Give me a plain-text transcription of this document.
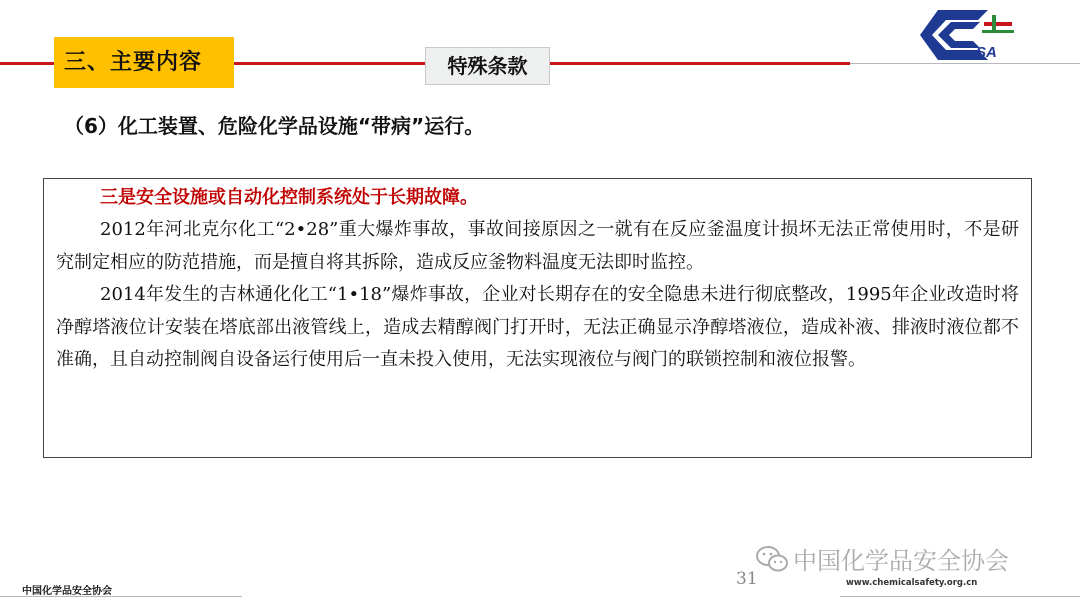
三、主要内容	特殊条款
SA
（6）化工装置、危险化学品设施“带病”运行。

三是安全设施或自动化控制系统处于长期故障。

2012年河北克尔化工“2•28”重大爆炸事故，事故间接原因之一就有在反应釜温度计损坏无法正常使用时，不是研究制定相应的防范措施，而是擅自将其拆除，造成反应釜物料温度无法即时监控。

2014年发生的吉林通化化工“1•18”爆炸事故，企业对长期存在的安全隐患未进行彻底整改，1995年企业改造时将净醇塔液位计安装在塔底部出液管线上，造成去精醇阀门打开时，无法正确显示净醇塔液位，造成补液、排液时液位都不准确，且自动控制阀自设备运行使用后一直未投入使用，无法实现液位与阀门的联锁控制和液位报警。

中国化学品安全协会
31
中国化学品安全协会
www.chemicalsafety.org.cn
